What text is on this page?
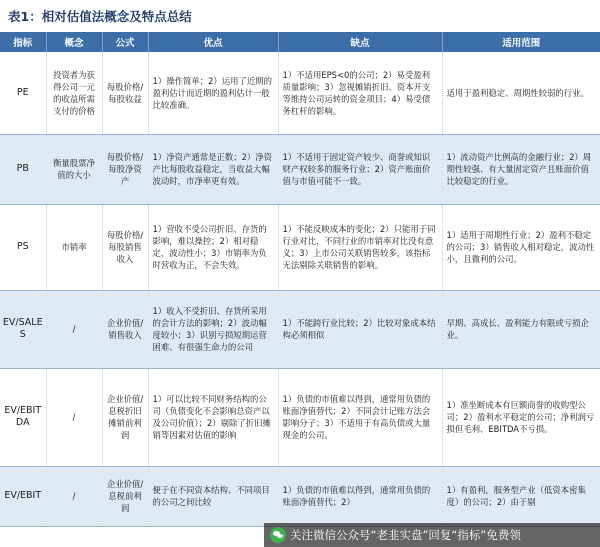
表1：相对估值法概念及特点总结
指标	概念	公式	优点	缺点	适用范围
PE	投资者为获得公司一元的收益所需支付的价格	每股价格/每股收益	1）操作简单；2）运用了近期的盈利估计而近期的盈利估计一般比较准确。	1）不适用EPS<0的公司；2）易受盈利质量影响；3）忽视摊销折旧、资本开支等维持公司运转的资金项目；4）易受债务杠杆的影响。	适用于盈利稳定、周期性较弱的行业。
PB	衡量股票净值的大小	每股价格/每股净资产	1）净资产通常是正数；2）净资产比每股收益稳定，当收益大幅波动时，市净率更有效。	1）不适用于固定资产较少、商誉或知识财产权较多的服务行业；2）资产账面价值与市值可能不一致。	1）流动资产比例高的金融行业；2）周期性较强、有大量固定资产且账面价值比较稳定的行业。
PS	市销率	每股价格/每股销售收入	1）营收不受公司折旧、存货的影响，难以操控；2）相对稳定，波动性小；3）市销率为负时营收为正，不会失效。	1）不能反映成本的变化；2）只能用于同行业对比，不同行业的市销率对比没有意义；3）上市公司关联销售较多，该指标无法剔除关联销售的影响。	1）适用于周期性行业；2）盈利不稳定的公司；3）销售收入相对稳定，波动性小，且微利的公司。
EV/SALES	/	企业价值/销售收入	1）收入不受折旧、存货所采用的会计方法的影响；2）波动幅度较小；3）识别亏损短期运营困难、有很强生命力的公司	1）不能跨行业比较；2）比较对象成本结构必须相似	早期、高成长、盈利能力有限或亏损企业。
EV/EBITDA	/	企业价值/息税折旧摊销前利润	1）可以比较不同财务结构的公司（负债变化不会影响总资产以及公司价值）；2）剔除了折旧摊销等因素对估值的影响	1）负债的市值难以得到，通常用负债的账面净值替代；2）不同会计记账方法会影响分子；3）不适用于有高负债或大量现金的公司。	1）准坐断成本有巨额商誉的收购型公司；2）盈利水平稳定的公司；净利润亏损但毛利、EBITDA不亏损。
EV/EBIT	/	企业价值/息税前利润	便于在不同资本结构、不同项目的公司之间比较	1）负债的市值难以得到，通常用负债的账面净值替代；2）	1）有盈利，服务型产业（低资本密集度）的公司；2）由于剔
关注微信公众号“老韭实盘”回复“指标”免费领
